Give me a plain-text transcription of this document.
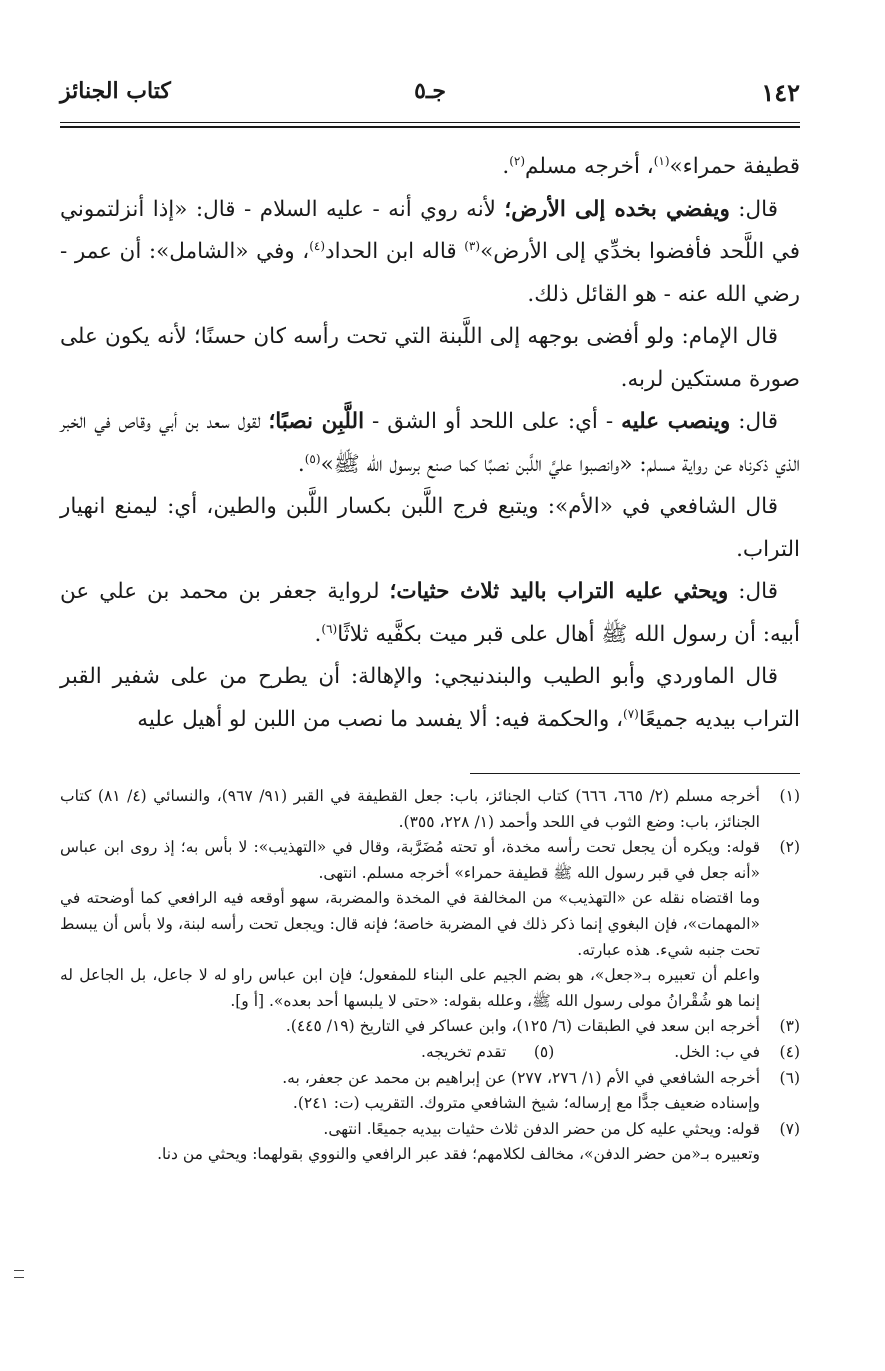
١٤٢
جـ٥
كتاب الجنائز

قطيفة حمراء»$^{(١)}$، أخرجه مسلم$^{(٢)}$.

قال: ويفضي بخده إلى الأرض؛ لأنه روي أنه - عليه السلام - قال: «إذا أنزلتموني في اللَّحد فأفضوا بخدِّي إلى الأرض»$^{(٣)}$ قاله ابن الحداد$^{(٤)}$، وفي «الشامل»: أن عمر - رضي الله عنه - هو القائل ذلك.

قال الإمام: ولو أفضى بوجهه إلى اللَّبنة التي تحت رأسه كان حسنًا؛ لأنه يكون على صورة مستكين لربه.

قال: وينصب عليه - أي: على اللحد أو الشق - اللَّبِن نصبًا؛ لقول سعد بن أبي وقاص في الخبر الذي ذكرناه عن رواية مسلم: «وانصبوا عليَّ اللَّبن نصبًا كما صنع برسول الله ﷺ»$^{(٥)}$.

قال الشافعي في «الأم»: ويتبع فرج اللَّبن بكسار اللَّبن والطين، أي: ليمنع انهيار التراب.

قال: ويحثي عليه التراب باليد ثلاث حثيات؛ لرواية جعفر بن محمد بن علي عن أبيه: أن رسول الله ﷺ أهال على قبر ميت بكفَّيه ثلاثًا$^{(٦)}$.

قال الماوردي وأبو الطيب والبندنيجي: والإهالة: أن يطرح من على شفير القبر التراب بيديه جميعًا$^{(٧)}$، والحكمة فيه: ألا يفسد ما نصب من اللبن لو أهيل عليه

(١)
أخرجه مسلم (٢/ ٦٦٥، ٦٦٦) كتاب الجنائز، باب: جعل القطيفة في القبر (٩١/ ٩٦٧)، والنسائي (٤/ ٨١) كتاب الجنائز، باب: وضع الثوب في اللحد وأحمد (١/ ٢٢٨، ٣٥٥).
(٢)
قوله: ويكره أن يجعل تحت رأسه مخدة، أو تحته مُضَرَّبة، وقال في «التهذيب»: لا بأس به؛ إذ روى ابن عباس «أنه جعل في قبر رسول الله ﷺ قطيفة حمراء» أخرجه مسلم. انتهى.
وما اقتضاه نقله عن «التهذيب» من المخالفة في المخدة والمضربة، سهو أوقعه فيه الرافعي كما أوضحته في «المهمات»، فإن البغوي إنما ذكر ذلك في المضربة خاصة؛ فإنه قال: ويجعل تحت رأسه لبنة، ولا بأس أن يبسط تحت جنبه شيء. هذه عبارته.
واعلم أن تعبيره بـ«جعل»، هو بضم الجيم على البناء للمفعول؛ فإن ابن عباس راو له لا جاعل، بل الجاعل له إنما هو شُقْرانُ مولى رسول الله ﷺ، وعلله بقوله: «حتى لا يلبسها أحد بعده». [أ و].
(٣)
أخرجه ابن سعد في الطبقات (٦/ ١٢٥)، وابن عساكر في التاريخ (١٩/ ٤٤٥).
(٤)
في ب: الخل.
(٥)
تقدم تخريجه.
(٦)
أخرجه الشافعي في الأم (١/ ٢٧٦، ٢٧٧) عن إبراهيم بن محمد عن جعفر، به.
وإسناده ضعيف جدًّا مع إرساله؛ شيخ الشافعي متروك. التقريب (ت: ٢٤١).
(٧)
قوله: ويحثي عليه كل من حضر الدفن ثلاث حثيات بيديه جميعًا. انتهى.
وتعبيره بـ«من حضر الدفن»، مخالف لكلامهم؛ فقد عبر الرافعي والنووي بقولهما: ويحثي من دنا.
